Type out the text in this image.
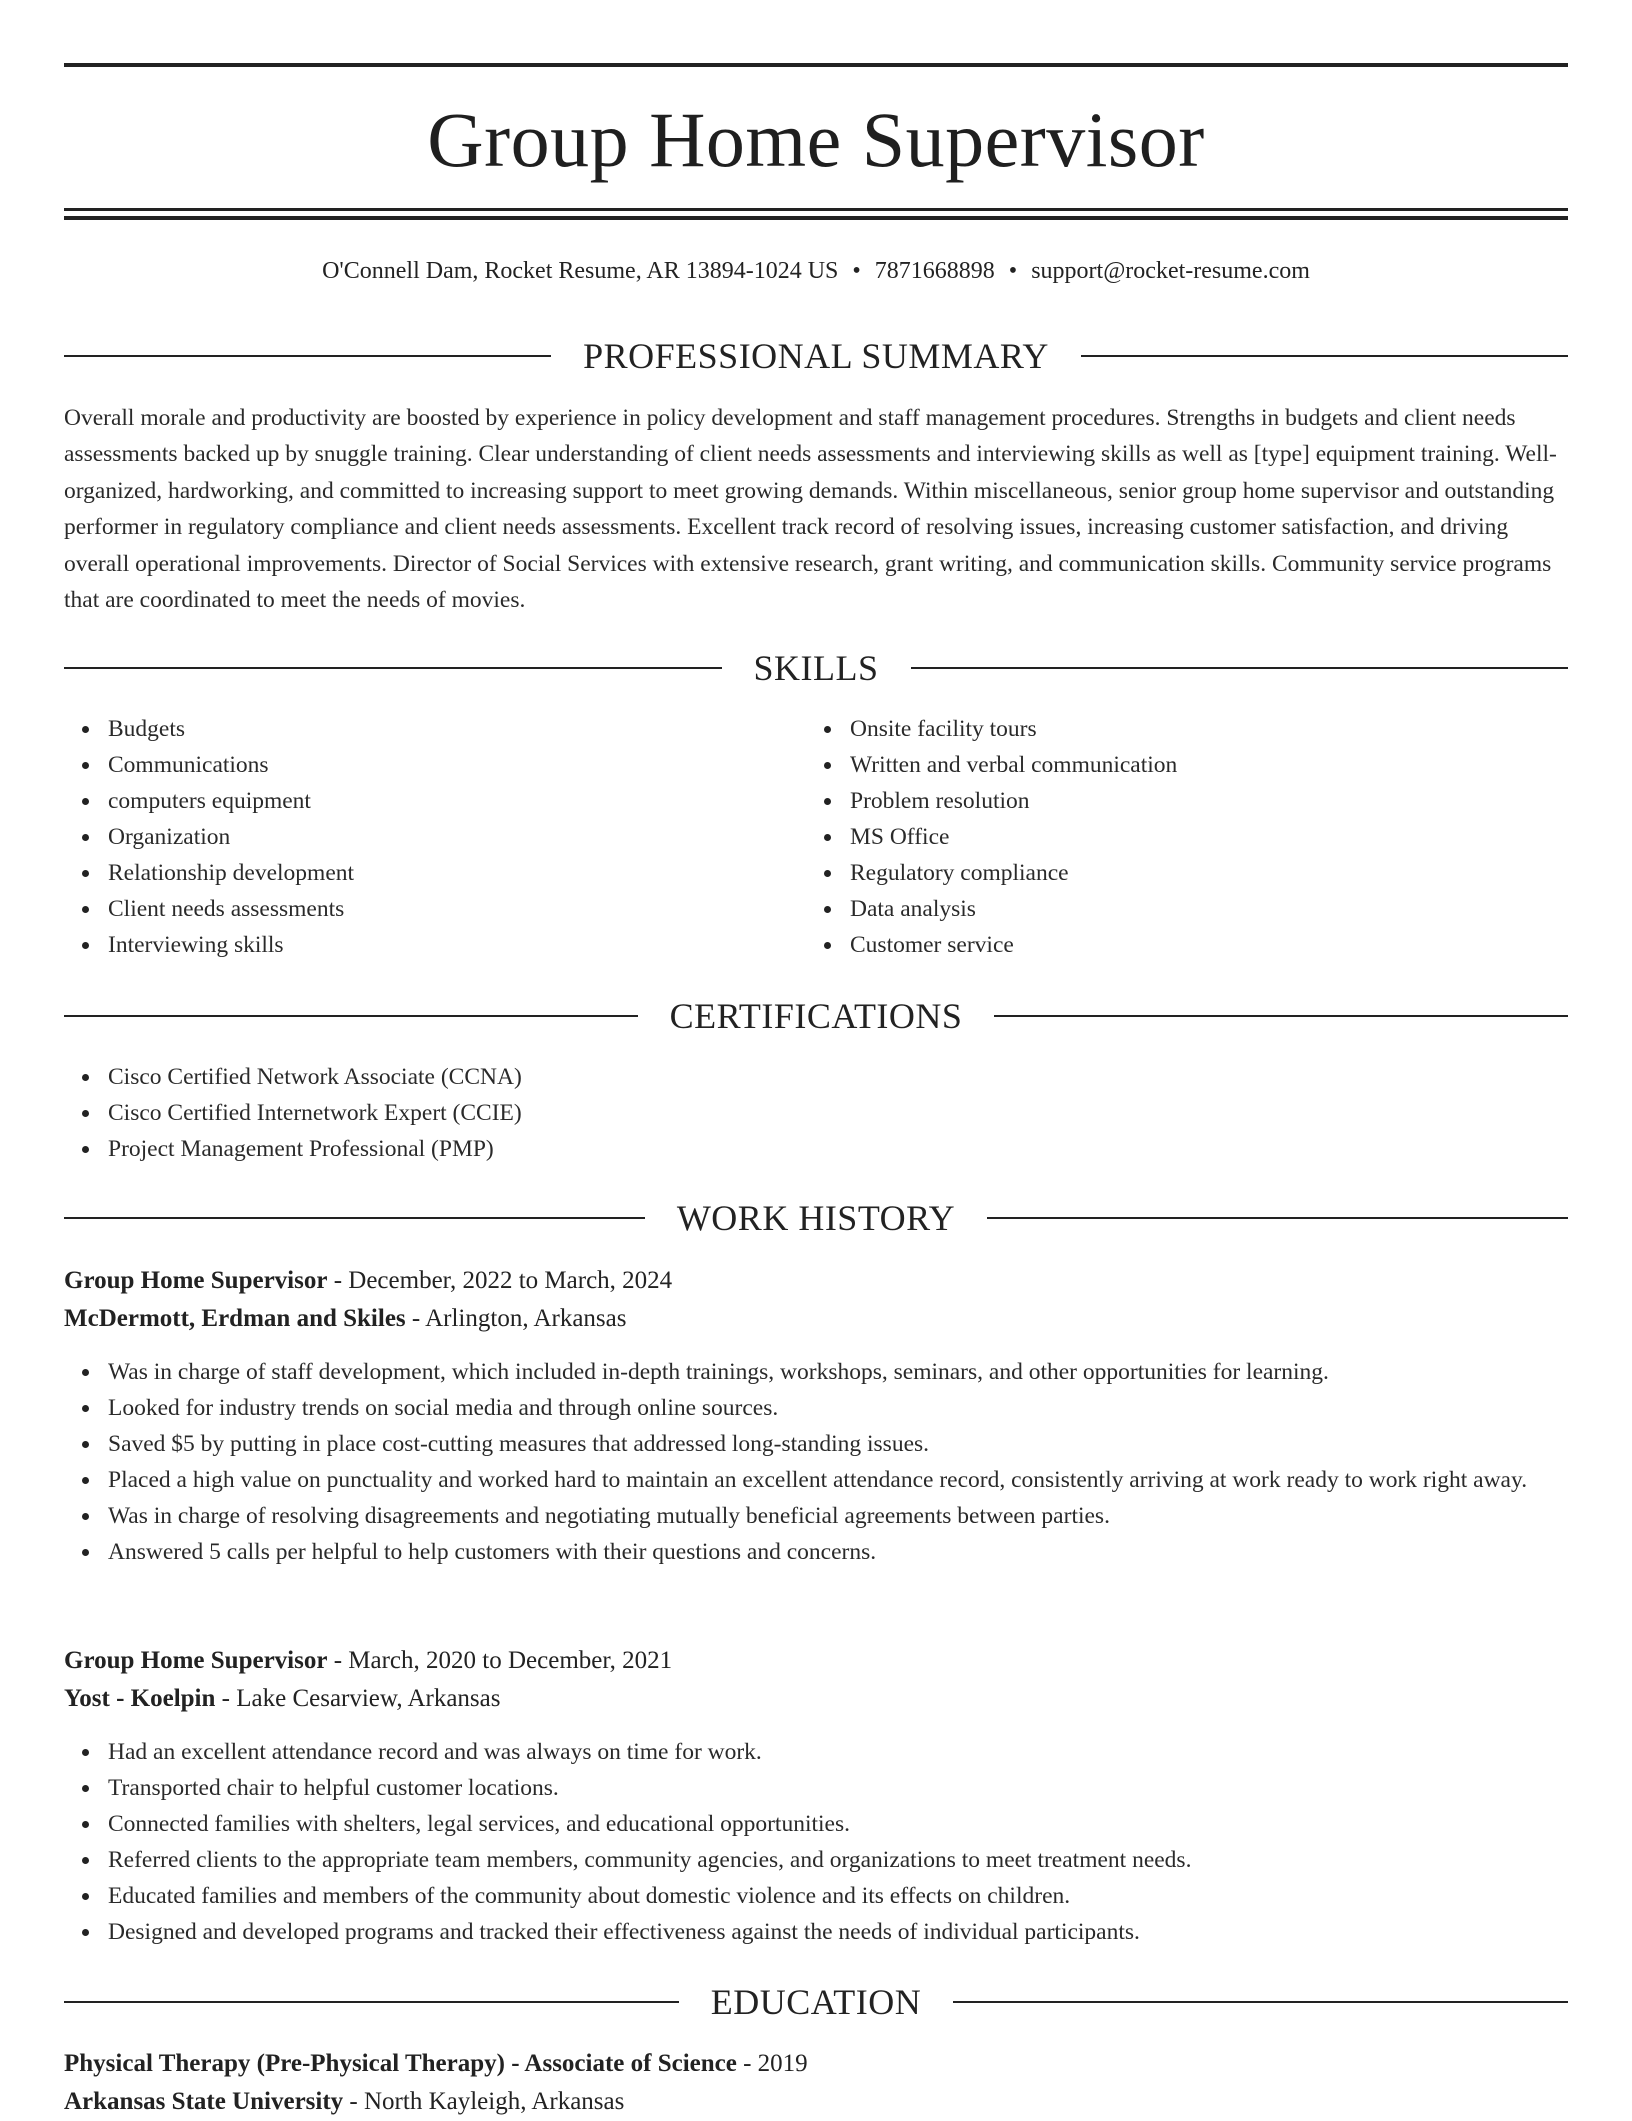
Group Home Supervisor
O'Connell Dam, Rocket Resume, AR 13894-1024 US • 7871668898 • support@rocket-resume.com
PROFESSIONAL SUMMARY

Overall morale and productivity are boosted by experience in policy development and staff management procedures. Strengths in budgets and client needs assessments backed up by snuggle training. Clear understanding of client needs assessments and interviewing skills as well as [type] equipment training. Well-organized, hardworking, and committed to increasing support to meet growing demands. Within miscellaneous, senior group home supervisor and outstanding performer in regulatory compliance and client needs assessments. Excellent track record of resolving issues, increasing customer satisfaction, and driving overall operational improvements. Director of Social Services with extensive research, grant writing, and communication skills. Community service programs that are coordinated to meet the needs of movies.

SKILLS
Budgets
Communications
computers equipment
Organization
Relationship development
Client needs assessments
Interviewing skills
Onsite facility tours
Written and verbal communication
Problem resolution
MS Office
Regulatory compliance
Data analysis
Customer service
CERTIFICATIONS
Cisco Certified Network Associate (CCNA)
Cisco Certified Internetwork Expert (CCIE)
Project Management Professional (PMP)
WORK HISTORY
Group Home Supervisor - December, 2022 to March, 2024
McDermott, Erdman and Skiles - Arlington, Arkansas
Was in charge of staff development, which included in-depth trainings, workshops, seminars, and other opportunities for learning.
Looked for industry trends on social media and through online sources.
Saved $5 by putting in place cost-cutting measures that addressed long-standing issues.
Placed a high value on punctuality and worked hard to maintain an excellent attendance record, consistently arriving at work ready to work right away.
Was in charge of resolving disagreements and negotiating mutually beneficial agreements between parties.
Answered 5 calls per helpful to help customers with their questions and concerns.
Group Home Supervisor - March, 2020 to December, 2021
Yost - Koelpin - Lake Cesarview, Arkansas
Had an excellent attendance record and was always on time for work.
Transported chair to helpful customer locations.
Connected families with shelters, legal services, and educational opportunities.
Referred clients to the appropriate team members, community agencies, and organizations to meet treatment needs.
Educated families and members of the community about domestic violence and its effects on children.
Designed and developed programs and tracked their effectiveness against the needs of individual participants.
EDUCATION
Physical Therapy (Pre-Physical Therapy) - Associate of Science - 2019
Arkansas State University - North Kayleigh, Arkansas
